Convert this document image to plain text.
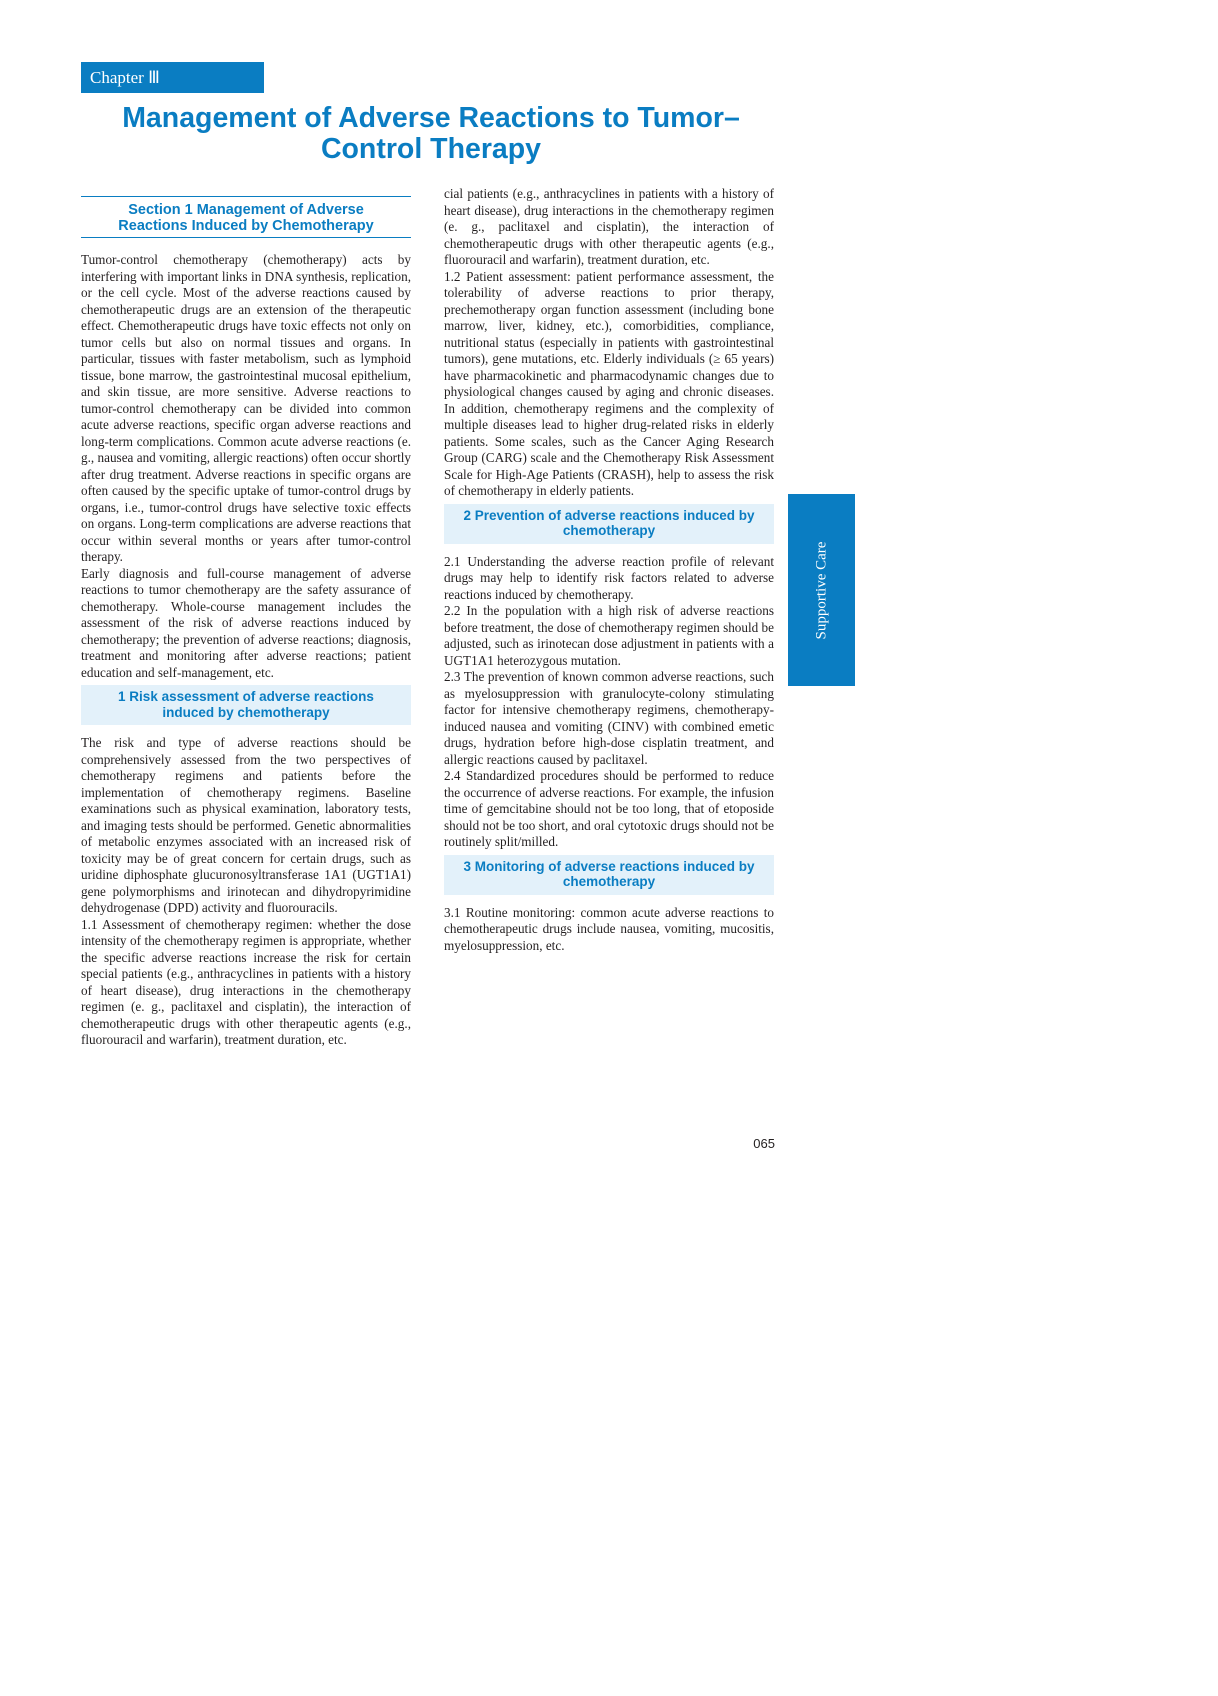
Chapter Ⅲ
Management of Adverse Reactions to Tumor–
Control Therapy
Section 1 Management of Adverse
Reactions Induced by Chemotherapy

Tumor-control chemotherapy (chemotherapy) acts by interfering with important links in DNA synthesis, replication, or the cell cycle. Most of the adverse reactions caused by chemotherapeutic drugs are an extension of the therapeutic effect. Chemotherapeutic drugs have toxic effects not only on tumor cells but also on normal tissues and organs. In particular, tissues with faster metabolism, such as lymphoid tissue, bone marrow, the gastrointestinal mucosal epithelium, and skin tissue, are more sensitive. Adverse reactions to tumor-control chemotherapy can be divided into common acute adverse reactions, specific organ adverse reactions and long-term complications. Common acute adverse reactions (e. g., nausea and vomiting, allergic reactions) often occur shortly after drug treatment. Adverse reactions in specific organs are often caused by the specific uptake of tumor-control drugs by organs, i.e., tumor-control drugs have selective toxic effects on organs. Long-term complications are adverse reactions that occur within several months or years after tumor-control therapy.

Early diagnosis and full-course management of adverse reactions to tumor chemotherapy are the safety assurance of chemotherapy. Whole-course management includes the assessment of the risk of adverse reactions induced by chemotherapy; the prevention of adverse reactions; diagnosis, treatment and monitoring after adverse reactions; patient education and self-management, etc.

1 Risk assessment of adverse reactions
induced by chemotherapy

The risk and type of adverse reactions should be comprehensively assessed from the two perspectives of chemotherapy regimens and patients before the implementation of chemotherapy regimens. Baseline examinations such as physical examination, laboratory tests, and imaging tests should be performed. Genetic abnormalities of metabolic enzymes associated with an increased risk of toxicity may be of great concern for certain drugs, such as uridine diphosphate glucuronosyltransferase 1A1 (UGT1A1) gene polymorphisms and irinotecan and dihydropyrimidine dehydrogenase (DPD) activity and fluorouracils.

1.1 Assessment of chemotherapy regimen: whether the dose intensity of the chemotherapy regimen is appropriate, whether the specific adverse reactions increase the risk for certain special patients (e.g., anthracyclines in patients with a history of heart disease), drug interactions in the chemotherapy regimen (e. g., paclitaxel and cisplatin), the interaction of chemotherapeutic drugs with other therapeutic agents (e.g., fluorouracil and warfarin), treatment duration, etc.

cial patients (e.g., anthracyclines in patients with a history of heart disease), drug interactions in the chemotherapy regimen (e. g., paclitaxel and cisplatin), the interaction of chemotherapeutic drugs with other therapeutic agents (e.g., fluorouracil and warfarin), treatment duration, etc.

1.2 Patient assessment: patient performance assessment, the tolerability of adverse reactions to prior therapy, prechemotherapy organ function assessment (including bone marrow, liver, kidney, etc.), comorbidities, compliance, nutritional status (especially in patients with gastrointestinal tumors), gene mutations, etc. Elderly individuals (≥ 65 years) have pharmacokinetic and pharmacodynamic changes due to physiological changes caused by aging and chronic diseases. In addition, chemotherapy regimens and the complexity of multiple diseases lead to higher drug-related risks in elderly patients. Some scales, such as the Cancer Aging Research Group (CARG) scale and the Chemotherapy Risk Assessment Scale for High-Age Patients (CRASH), help to assess the risk of chemotherapy in elderly patients.

2 Prevention of adverse reactions induced by
chemotherapy

2.1 Understanding the adverse reaction profile of relevant drugs may help to identify risk factors related to adverse reactions induced by chemotherapy.

2.2 In the population with a high risk of adverse reactions before treatment, the dose of chemotherapy regimen should be adjusted, such as irinotecan dose adjustment in patients with a UGT1A1 heterozygous mutation.

2.3 The prevention of known common adverse reactions, such as myelosuppression with granulocyte-colony stimulating factor for intensive chemotherapy regimens, chemotherapy-induced nausea and vomiting (CINV) with combined emetic drugs, hydration before high-dose cisplatin treatment, and allergic reactions caused by paclitaxel.

2.4 Standardized procedures should be performed to reduce the occurrence of adverse reactions. For example, the infusion time of gemcitabine should not be too long, that of etoposide should not be too short, and oral cytotoxic drugs should not be routinely split/milled.

3 Monitoring of adverse reactions induced by
chemotherapy

3.1 Routine monitoring: common acute adverse reactions to chemotherapeutic drugs include nausea, vomiting, mucositis, myelosuppression, etc.

Supportive Care
065
